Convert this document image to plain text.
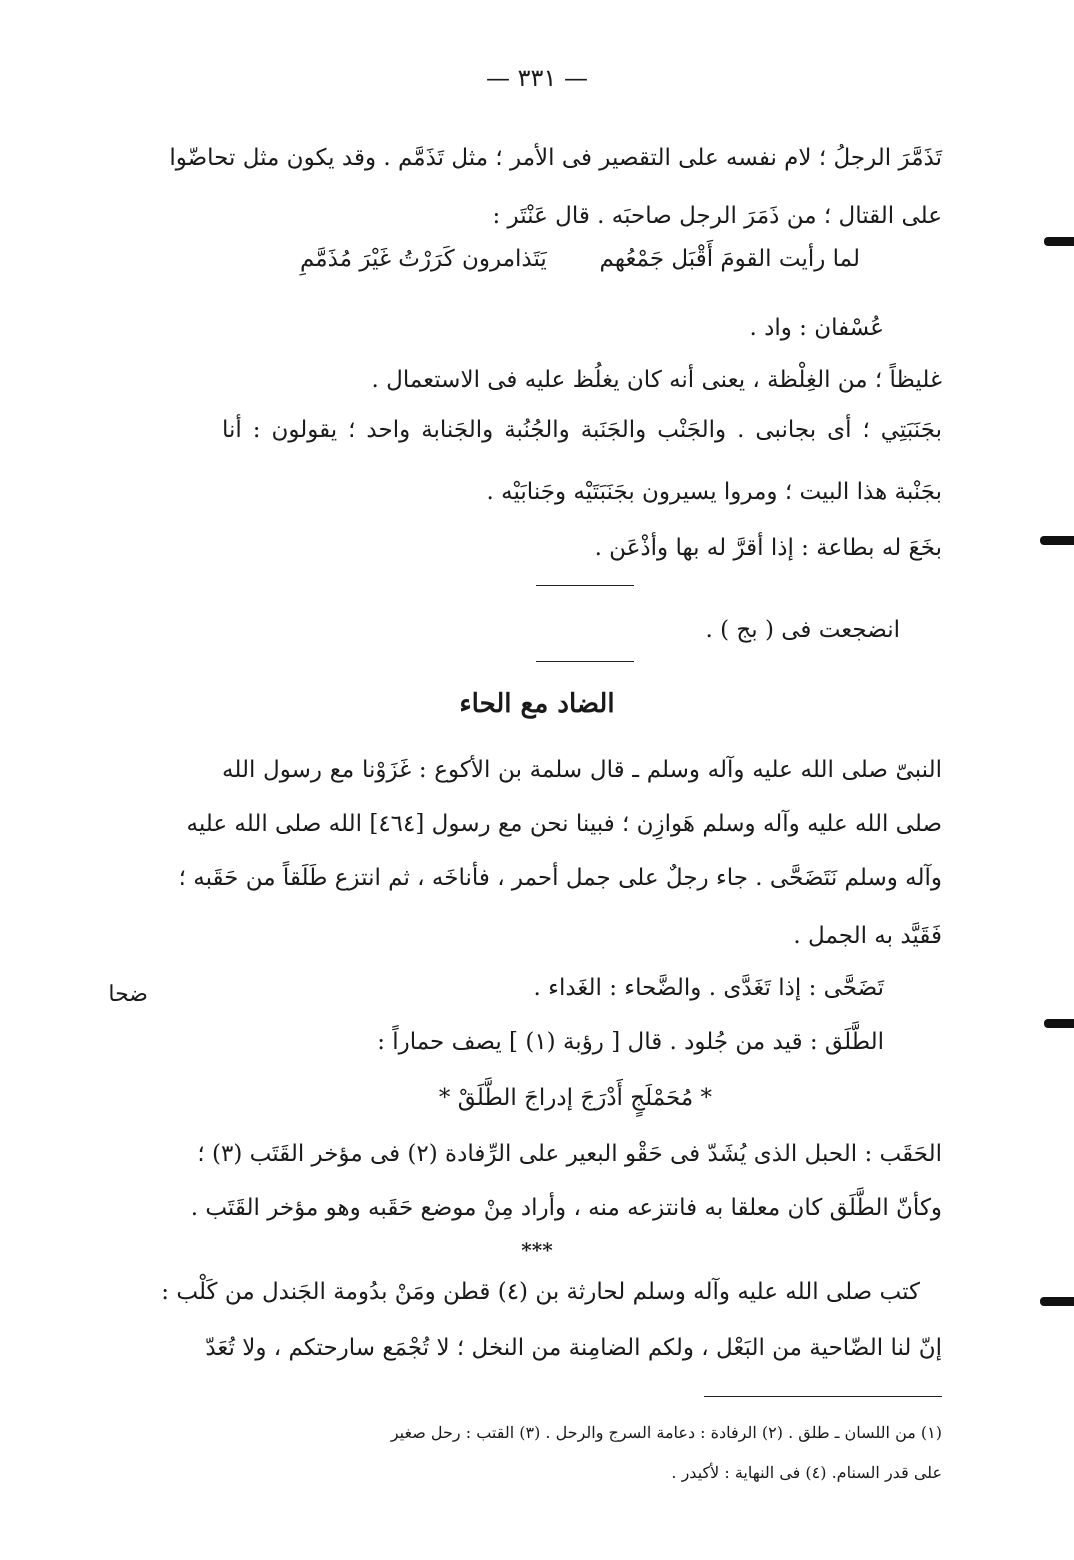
— ٣٣١ —

تَذَمَّرَ الرجلُ ؛ لام نفسه على التقصير فى الأمر ؛ مثل تَذَمَّم . وقد يكون مثل تحاضّوا

على القتال ؛ من ذَمَرَ الرجل صاحبَه . قال عَنْتَر :

لما رأيت القومَ أَقْبَل جَمْعُهم
يَتَذامرون كَرَرْتُ غَيْرَ مُذَمَّمِ

عُسْفان : واد .

غليظاً ؛ من الغِلْظة ، يعنى أنه كان يغلُظ عليه فى الاستعمال .

بجَنَبَتِي ؛ أى بجانبى . والجَنْب والجَنَبة والجُنُبة والجَنابة واحد ؛ يقولون : أنا

بجَنْبة هذا البيت ؛ ومروا يسيرون بجَنَبَتَيْه وجَنابَيْه .

بخَعَ له بطاعة : إذا أقرَّ له بها وأذْعَن .

انضجعت فى ( بج ) .

الضاد مع الحاء

النبىّ صلى الله عليه وآله وسلم ـ قال سلمة بن الأكوع : غَزَوْنا مع رسول الله

صلى الله عليه وآله وسلم هَوازِن ؛ فبينا نحن مع رسول [٤٦٤] الله صلى الله عليه

وآله وسلم نَتَضَحَّى . جاء رجلٌ على جمل أحمر ، فأناخَه ، ثم انتزع طَلَقاً من حَقَبه ؛

فَقَيَّد به الجمل .

تَضَحَّى : إذا تَغَدَّى . والضَّحاء : الغَداء .

الطَّلَق : قيد من جُلود . قال [ رؤبة (١) ] يصف حماراً :

* مُحَمْلَجٍ أَدْرَجَ إدراجَ الطَّلَقْ *

الحَقَب : الحبل الذى يُشَدّ فى حَقْو البعير على الرِّفادة (٢) فى مؤخر القَتَب (٣) ؛

وكأنّ الطَّلَق كان معلقا به فانتزعه منه ، وأراد مِنْ موضع حَقَبه وهو مؤخر القَتَب .

ضحا
***

كتب صلى الله عليه وآله وسلم لحارثة بن (٤) قطن ومَنْ بدُومة الجَندل من كَلْب :

إنّ لنا الضّاحية من البَعْل ، ولكم الضامِنة من النخل ؛ لا تُجْمَع سارحتكم ، ولا تُعَدّ

(١) من اللسان ـ طلق . (٢) الرفادة : دعامة السرج والرحل . (٣) القتب : رحل صغير

على قدر السنام. (٤) فى النهاية : لأكيدر .
